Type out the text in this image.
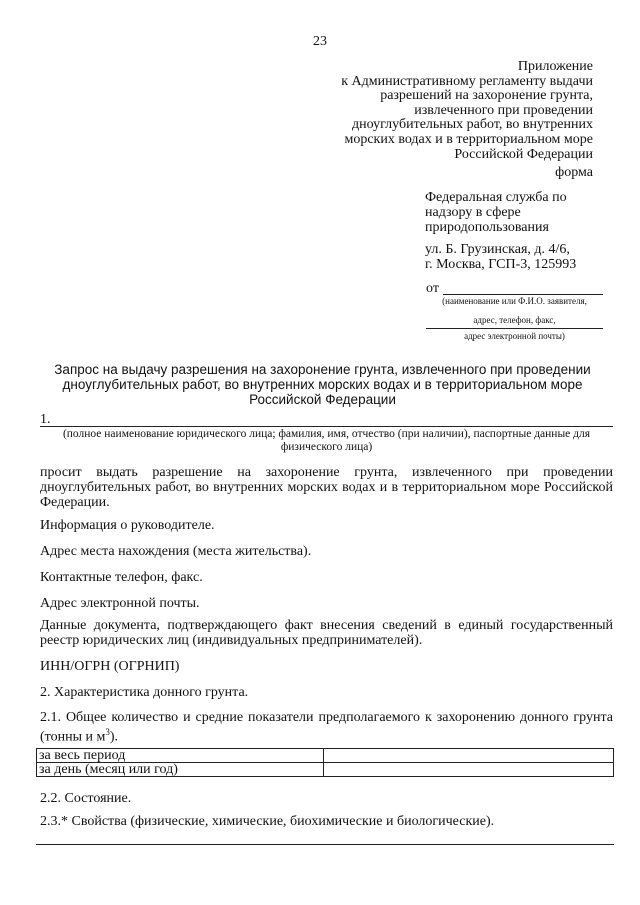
23
Приложение
к Административному регламенту выдачи
разрешений на захоронение грунта,
извлеченного при проведении
дноуглубительных работ, во внутренних
морских водах и в территориальном море
Российской Федерации
форма
Федеральная служба по
надзору в сфере
природопользования
ул. Б. Грузинская, д. 4/6,
г. Москва, ГСП-3, 125993
от
(наименование или Ф.И.О. заявителя,
адрес, телефон, факс,
адрес электронной почты)
Запрос на выдачу разрешения на захоронение грунта, извлеченного при проведении дноуглубительных работ, во внутренних морских водах и в территориальном море Российской Федерации
1.
(полное наименование юридического лица; фамилия, имя, отчество (при наличии), паспортные данные для физического лица)
просит выдать разрешение на захоронение грунта, извлеченного при проведении дноуглубительных работ, во внутренних морских водах и в территориальном море Российской Федерации.
Информация о руководителе.
Адрес места нахождения (места жительства).
Контактные телефон, факс.
Адрес электронной почты.
Данные документа, подтверждающего факт внесения сведений в единый государственный реестр юридических лиц (индивидуальных предпринимателей).
ИНН/ОГРН (ОГРНИП)
2. Характеристика донного грунта.
2.1. Общее количество и средние показатели предполагаемого к захоронению донного грунта (тонны и $м^3$).
за весь период	
за день (месяц или год)	
2.2. Состояние.
2.3.* Свойства (физические, химические, биохимические и биологические).
